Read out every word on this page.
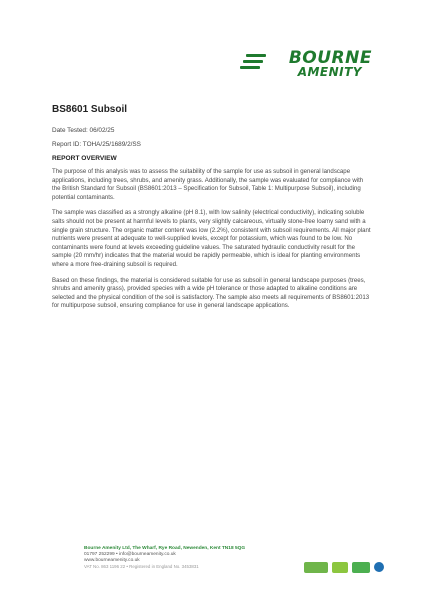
BOURNE
AMENITY
BS8601 Subsoil
Date Tested: 06/02/25
Report ID: TOHA/25/1689/2/SS
REPORT OVERVIEW

The purpose of this analysis was to assess the suitability of the sample for use as subsoil in general landscape applications, including trees, shrubs, and amenity grass. Additionally, the sample was evaluated for compliance with the British Standard for Subsoil (BS8601:2013 – Specification for Subsoil, Table 1: Multipurpose Subsoil), including potential contaminants.

The sample was classified as a strongly alkaline (pH 8.1), with low salinity (electrical conductivity), indicating soluble salts should not be present at harmful levels to plants, very slightly calcareous, virtually stone-free loamy sand with a single grain structure. The organic matter content was low (2.2%), consistent with subsoil requirements. All major plant nutrients were present at adequate to well-supplied levels, except for potassium, which was found to be low. No contaminants were found at levels exceeding guideline values. The saturated hydraulic conductivity result for the sample (20 mm/hr) indicates that the material would be rapidly permeable, which is ideal for planting environments where a more free-draining subsoil is required.

Based on these findings, the material is considered suitable for use as subsoil in general landscape purposes (trees, shrubs and amenity grass), provided species with a wide pH tolerance or those adapted to alkaline conditions are selected and the physical condition of the soil is satisfactory. The sample also meets all requirements of BS8601:2013 for multipurpose subsoil, ensuring compliance for use in general landscape applications.

Bourne Amenity Ltd, The Wharf, Rye Road, Newenden, Kent TN18 5QG
01797 252299 • info@bourneamenity.co.uk
www.bourneamenity.co.uk
VAT No. 863 1196 22 • Registered in England No. 3453831
